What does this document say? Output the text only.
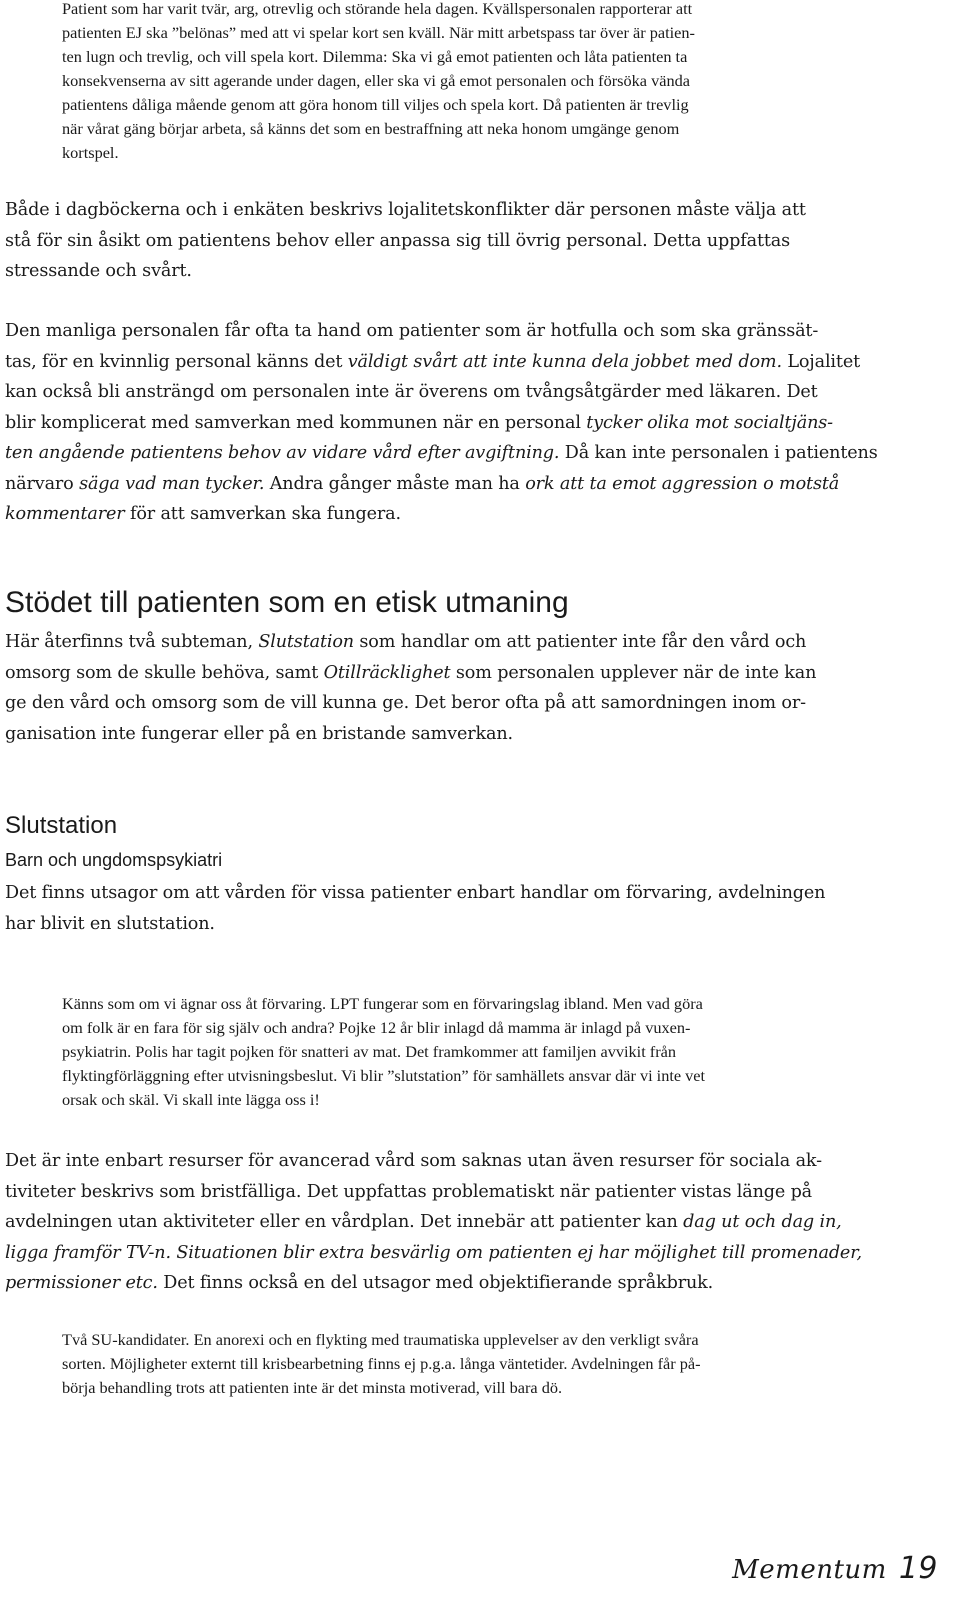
Patient som har varit tvär, arg, otrevlig och störande hela dagen. Kvällspersonalen rapporterar att
patienten EJ ska ”belönas” med att vi spelar kort sen kväll. När mitt arbetspass tar över är patien-
ten lugn och trevlig, och vill spela kort. Dilemma: Ska vi gå emot patienten och låta patienten ta
konsekvenserna av sitt agerande under dagen, eller ska vi gå emot personalen och försöka vända
patientens dåliga mående genom att göra honom till viljes och spela kort. Då patienten är trevlig
när vårat gäng börjar arbeta, så känns det som en bestraffning att neka honom umgänge genom
kortspel.
Både i dagböckerna och i enkäten beskrivs lojalitetskonflikter där personen måste välja att
stå för sin åsikt om patientens behov eller anpassa sig till övrig personal. Detta uppfattas
stressande och svårt.
Den manliga personalen får ofta ta hand om patienter som är hotfulla och som ska gränssät-
tas, för en kvinnlig personal känns det väldigt svårt att inte kunna dela jobbet med dom. Lojalitet
kan också bli ansträngd om personalen inte är överens om tvångsåtgärder med läkaren. Det
blir komplicerat med samverkan med kommunen när en personal tycker olika mot socialtjäns-
ten angående patientens behov av vidare vård efter avgiftning. Då kan inte personalen i patientens
närvaro säga vad man tycker. Andra gånger måste man ha ork att ta emot aggression o motstå
kommentarer för att samverkan ska fungera.
Stödet till patienten som en etisk utmaning
Här återfinns två subteman, Slutstation som handlar om att patienter inte får den vård och
omsorg som de skulle behöva, samt Otillräcklighet som personalen upplever när de inte kan
ge den vård och omsorg som de vill kunna ge. Det beror ofta på att samordningen inom or-
ganisation inte fungerar eller på en bristande samverkan.
Slutstation
Barn och ungdomspsykiatri
Det finns utsagor om att vården för vissa patienter enbart handlar om förvaring, avdelningen
har blivit en slutstation.
Känns som om vi ägnar oss åt förvaring. LPT fungerar som en förvaringslag ibland. Men vad göra
om folk är en fara för sig själv och andra? Pojke 12 år blir inlagd då mamma är inlagd på vuxen-
psykiatrin. Polis har tagit pojken för snatteri av mat. Det framkommer att familjen avvikit från
flyktingförläggning efter utvisningsbeslut. Vi blir ”slutstation” för samhällets ansvar där vi inte vet
orsak och skäl. Vi skall inte lägga oss i!
Det är inte enbart resurser för avancerad vård som saknas utan även resurser för sociala ak-
tiviteter beskrivs som bristfälliga. Det uppfattas problematiskt när patienter vistas länge på
avdelningen utan aktiviteter eller en vårdplan. Det innebär att patienter kan dag ut och dag in,
ligga framför TV-n. Situationen blir extra besvärlig om patienten ej har möjlighet till promenader,
permissioner etc. Det finns också en del utsagor med objektifierande språkbruk.
Två SU-kandidater. En anorexi och en flykting med traumatiska upplevelser av den verkligt svåra
sorten. Möjligheter externt till krisbearbetning finns ej p.g.a. långa väntetider. Avdelningen får på-
börja behandling trots att patienten inte är det minsta motiverad, vill bara dö.
Mementum 19
